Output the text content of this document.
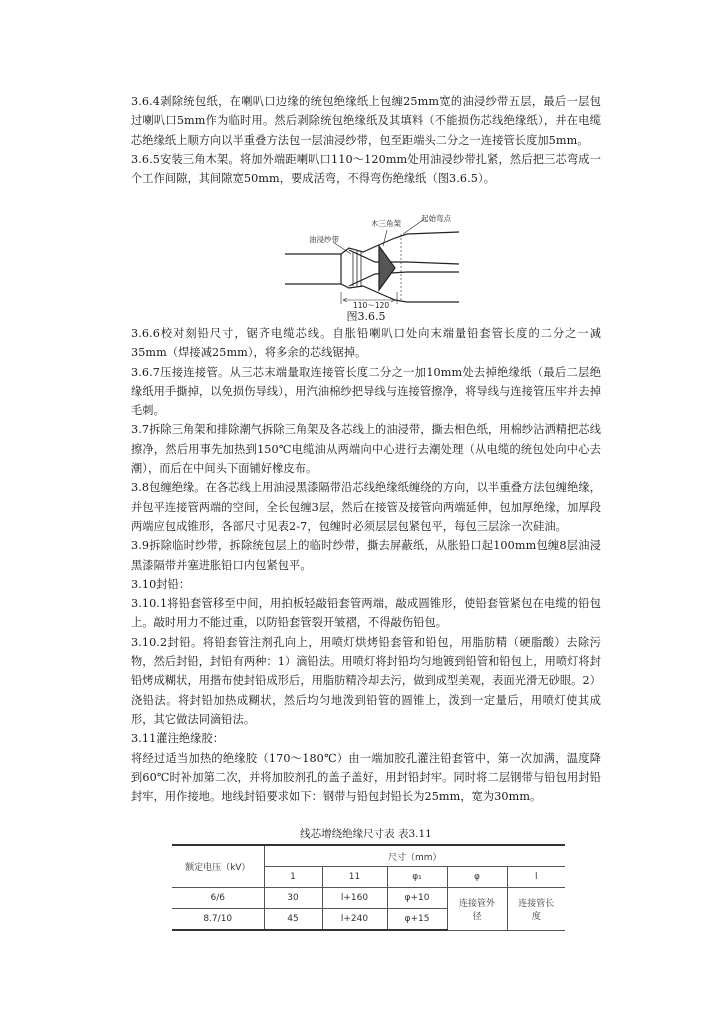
3.6.4剥除统包纸，在喇叭口边缘的统包绝缘纸上包缠25mm宽的油浸纱带五层，最后一层包过喇叭口5mm作为临时用。然后剥除统包绝缘纸及其填料（不能损伤芯线绝缘纸），并在电缆芯绝缘纸上顺方向以半重叠方法包一层油浸纱带，包至距端头二分之一连接管长度加5mm。

3.6.5安装三角木架。将加外端距喇叭口110～120mm处用油浸纱带扎紧，然后把三芯弯成一个工作间隙，其间隙宽50mm，要成活弯，不得弯伤绝缘纸（图3.6.5）。

木三角架
起始弯点
油浸纱带
110～120
图3.6.5

3.6.6校对刻铅尺寸，锯齐电缆芯线。自胀铅喇叭口处向末端量铅套管长度的二分之一减35mm（焊接减25mm），将多余的芯线锯掉。

3.6.7压接连接管。从三芯末端量取连接管长度二分之一加10mm处去掉绝缘纸（最后二层绝缘纸用手撕掉，以免损伤导线），用汽油棉纱把导线与连接管擦净，将导线与连接管压牢并去掉毛刺。

3.7拆除三角架和排除潮气拆除三角架及各芯线上的油浸带，撕去相色纸，用棉纱沾洒精把芯线擦净，然后用事先加热到150℃电缆油从两端向中心进行去潮处理（从电缆的统包处向中心去潮），而后在中间头下面铺好橡皮布。

3.8包缠绝缘。在各芯线上用油浸黑漆隔带沿芯线绝缘纸缠绕的方向，以半重叠方法包缠绝缘，并包平连接管两端的空间，全长包缠3层，然后在接管及接管向两端延伸，包加厚绝缘，加厚段两端应包成锥形，各部尺寸见表2-7，包缠时必须层层包紧包平，每包三层涂一次硅油。

3.9拆除临时纱带，拆除统包层上的临时纱带，撕去屏蔽纸，从胀铅口起100mm包缠8层油浸黑漆隔带并塞进胀铅口内包紧包平。

3.10封铅：

3.10.1将铅套管移至中间，用拍板轻敲铅套管两端，敲成圆锥形，使铅套管紧包在电缆的铅包上。敲时用力不能过重，以防铅套管裂开皱褶，不得敲伤铅包。

3.10.2封铅。将铅套管注剂孔向上，用喷灯烘烤铅套管和铅包，用脂肪精（硬脂酸）去除污物，然后封铅，封铅有两种：1）滴铅法。用喷灯将封铅均匀地镀到铅管和铅包上，用喷灯将封铅烤成糊状，用揩布使封铅成形后，用脂肪精冷却去污，做到成型美观，表面光滑无砂眼。2）浇铅法。将封铅加热成糊状，然后均匀地泼到铅管的圆锥上，泼到一定量后，用喷灯使其成形，其它做法同滴铅法。

3.11灌注绝缘胶：

将经过适当加热的绝缘胶（170～180℃）由一端加胶孔灌注铅套管中，第一次加满，温度降到60℃时补加第二次，并将加胶剂孔的盖子盖好，用封铅封牢。同时将二层钢带与铅包用封铅封牢，用作接地。地线封铅要求如下：钢带与铅包封铅长为25mm，宽为30mm。

线芯增绕绝缘尺寸表 表3.11
额定电压（kV）	尺寸（mm）				
	1	11	φ₁	φ	l
6/6	30	l+160	φ+10	连接管外径	连接管长度
8.7/10	45	l+240	φ+15		
